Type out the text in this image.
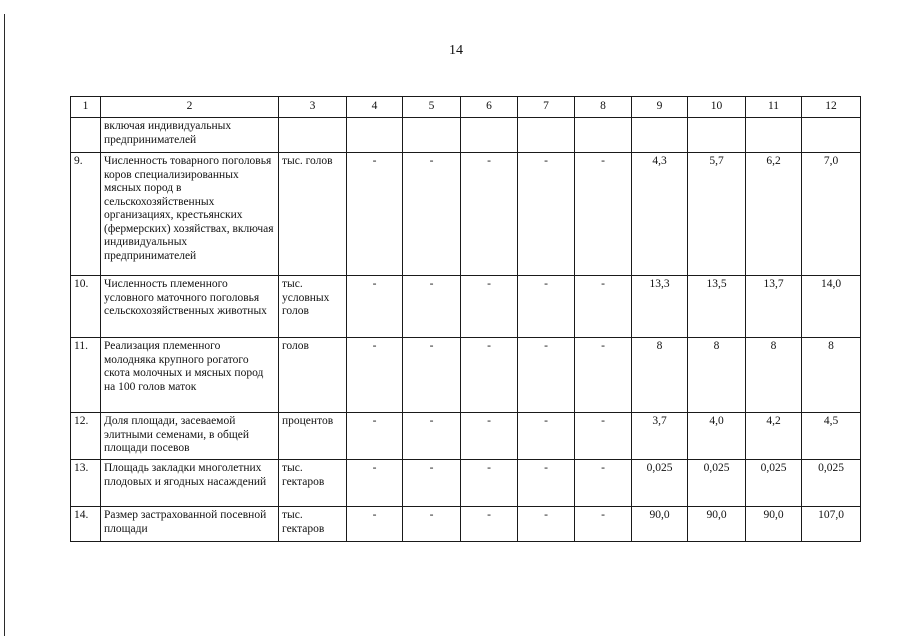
14
1	2	3	4	5	6	7	8	9	10	11	12
	включая индивидуальных предпринимателей										
9.	Численность товарного поголовья коров специализированных мясных пород в сельскохозяйственных организациях, крестьянских (фермерских) хозяйствах, включая индивидуальных предпринимателей	тыс. голов	-	-	-	-	-	4,3	5,7	6,2	7,0
10.	Численность племенного условного маточного поголовья сельскохозяйственных животных	тыс. условных голов	-	-	-	-	-	13,3	13,5	13,7	14,0
11.	Реализация племенного молодняка крупного рогатого скота молочных и мясных пород на 100 голов маток	голов	-	-	-	-	-	8	8	8	8
12.	Доля площади, засеваемой элитными семенами, в общей площади посевов	процентов	-	-	-	-	-	3,7	4,0	4,2	4,5
13.	Площадь закладки многолетних плодовых и ягодных насаждений	тыс. гектаров	-	-	-	-	-	0,025	0,025	0,025	0,025
14.	Размер застрахованной посевной площади	тыс. гектаров	-	-	-	-	-	90,0	90,0	90,0	107,0
